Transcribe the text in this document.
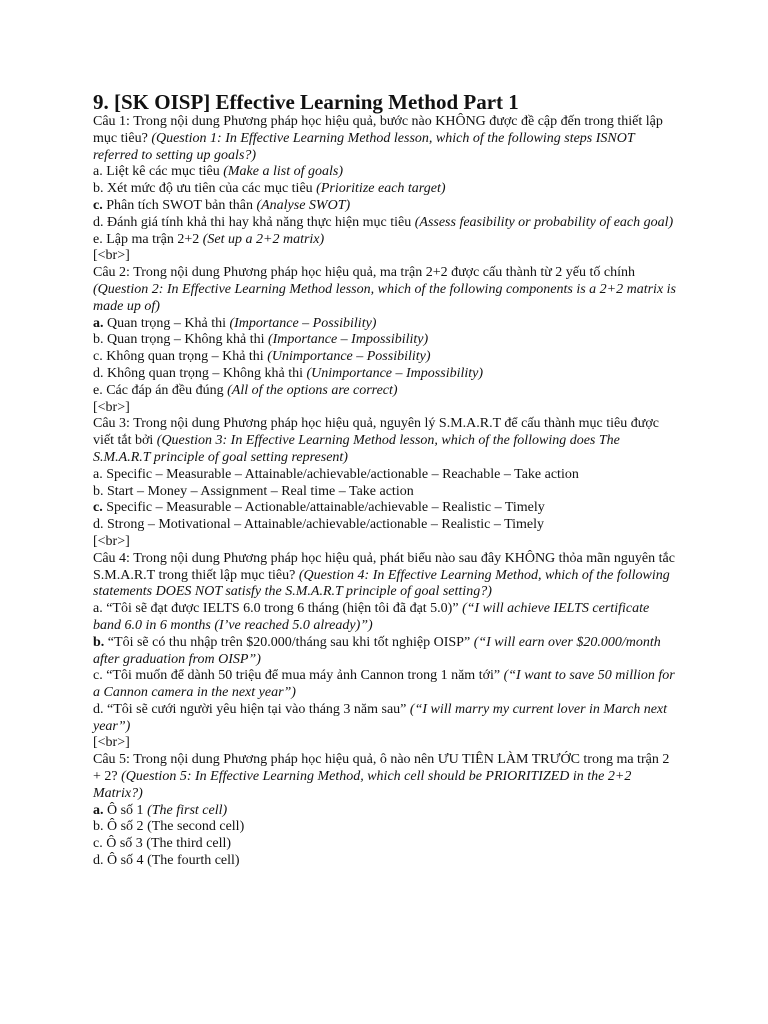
9. [SK OISP] Effective Learning Method Part 1
Câu 1: Trong nội dung Phương pháp học hiệu quả, bước nào KHÔNG được đề cập đến trong thiết lập mục tiêu? (Question 1: In Effective Learning Method lesson, which of the following steps ISNOT referred to setting up goals?)
a. Liệt kê các mục tiêu (Make a list of goals)
b. Xét mức độ ưu tiên của các mục tiêu (Prioritize each target)
c. Phân tích SWOT bản thân (Analyse SWOT)
d. Đánh giá tính khả thi hay khả năng thực hiện mục tiêu (Assess feasibility or probability of each goal)
e. Lập ma trận 2+2 (Set up a 2+2 matrix)
[<br>]
Câu 2: Trong nội dung Phương pháp học hiệu quả, ma trận 2+2 được cấu thành từ 2 yếu tố chính (Question 2: In Effective Learning Method lesson, which of the following components is a 2+2 matrix is made up of)
a. Quan trọng – Khả thi (Importance – Possibility)
b. Quan trọng – Không khả thi (Importance – Impossibility)
c. Không quan trọng – Khả thi (Unimportance – Possibility)
d. Không quan trọng – Không khả thi (Unimportance – Impossibility)
e. Các đáp án đều đúng (All of the options are correct)
[<br>]
Câu 3: Trong nội dung Phương pháp học hiệu quả, nguyên lý S.M.A.R.T để cấu thành mục tiêu được viết tắt bởi (Question 3: In Effective Learning Method lesson, which of the following does The S.M.A.R.T principle of goal setting represent)
a. Specific – Measurable – Attainable/achievable/actionable – Reachable – Take action
b. Start – Money – Assignment – Real time – Take action
c. Specific – Measurable – Actionable/attainable/achievable – Realistic – Timely
d. Strong – Motivational – Attainable/achievable/actionable – Realistic – Timely
[<br>]
Câu 4: Trong nội dung Phương pháp học hiệu quả, phát biểu nào sau đây KHÔNG thỏa mãn nguyên tắc S.M.A.R.T trong thiết lập mục tiêu? (Question 4: In Effective Learning Method, which of the following statements DOES NOT satisfy the S.M.A.R.T principle of goal setting?)
a. “Tôi sẽ đạt được IELTS 6.0 trong 6 tháng (hiện tôi đã đạt 5.0)” (“I will achieve IELTS certificate band 6.0 in 6 months (I’ve reached 5.0 already)”)
b. “Tôi sẽ có thu nhập trên $20.000/tháng sau khi tốt nghiệp OISP” (“I will earn over $20.000/month after graduation from OISP”)
c. “Tôi muốn để dành 50 triệu để mua máy ảnh Cannon trong 1 năm tới” (“I want to save 50 million for a Cannon camera in the next year”)
d. “Tôi sẽ cưới người yêu hiện tại vào tháng 3 năm sau” (“I will marry my current lover in March next year”)
[<br>]
Câu 5: Trong nội dung Phương pháp học hiệu quả, ô nào nên ƯU TIÊN LÀM TRƯỚC trong ma trận 2 + 2? (Question 5: In Effective Learning Method, which cell should be PRIORITIZED in the 2+2 Matrix?)
a. Ô số 1 (The first cell)
b. Ô số 2 (The second cell)
c. Ô số 3 (The third cell)
d. Ô số 4 (The fourth cell)
